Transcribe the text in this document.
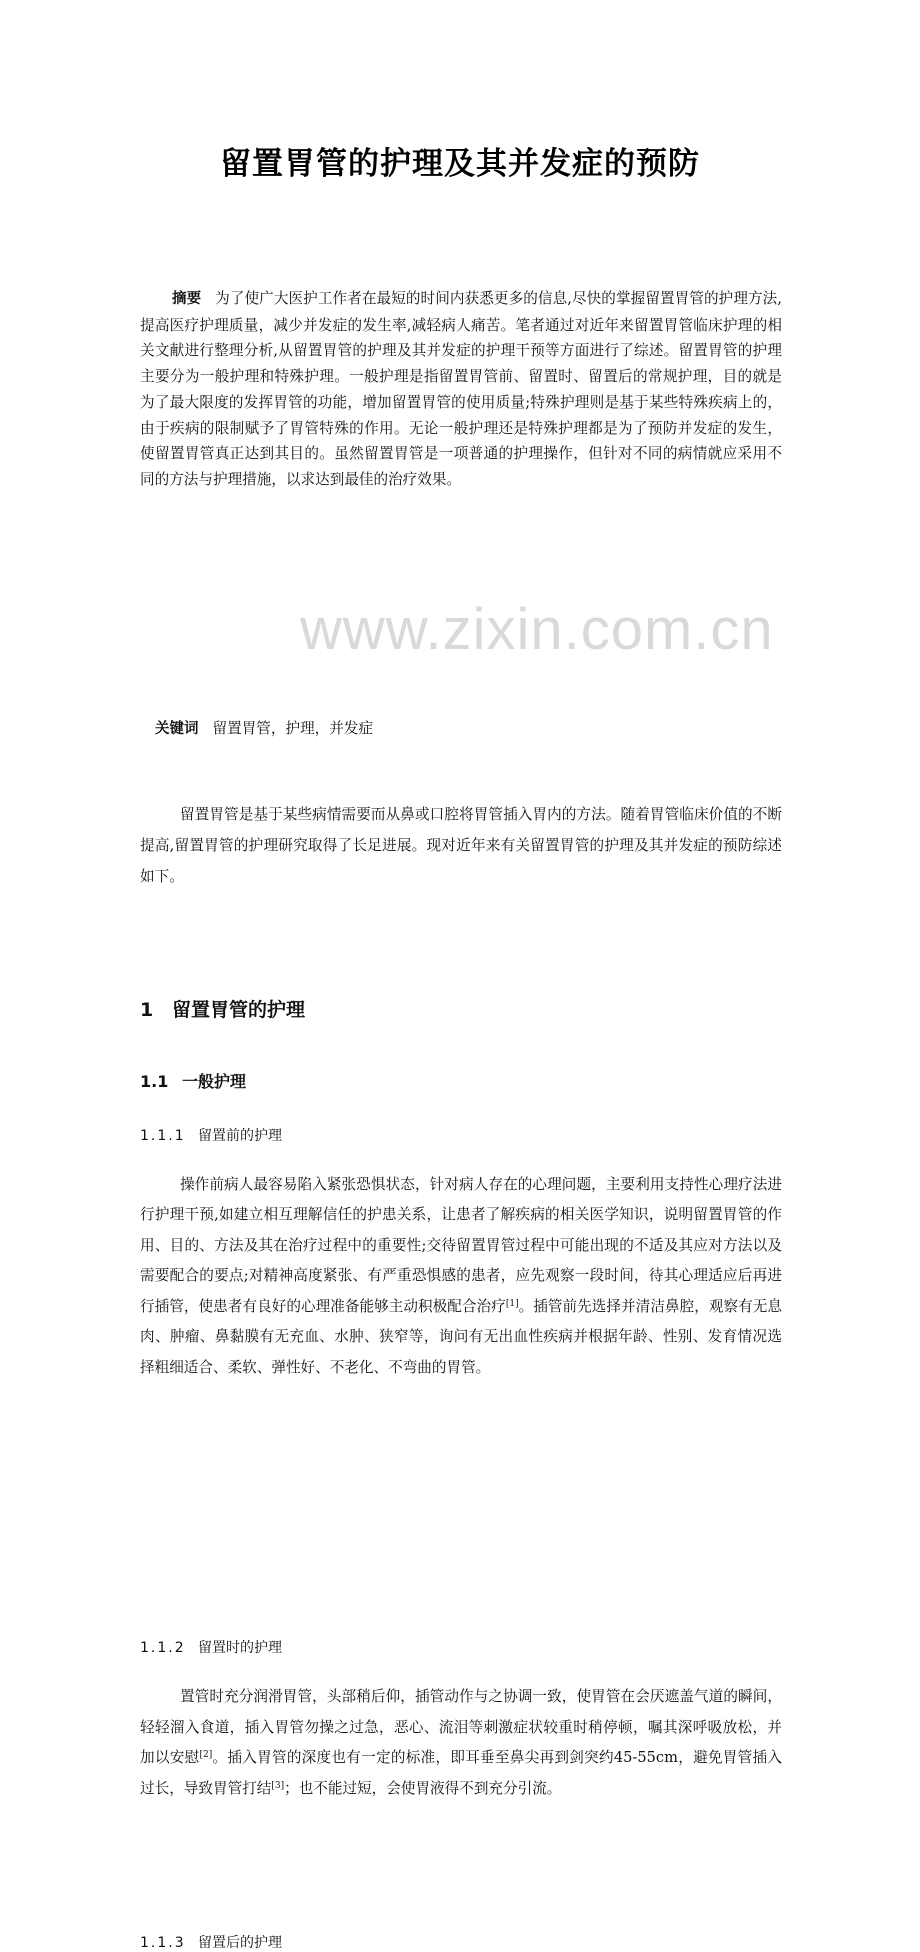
www.zixin.com.cn
留置胃管的护理及其并发症的预防

摘要 为了使广大医护工作者在最短的时间内获悉更多的信息,尽快的掌握留置胃管的护理方法,提高医疗护理质量，减少并发症的发生率,减轻病人痛苦。笔者通过对近年来留置胃管临床护理的相关文献进行整理分析,从留置胃管的护理及其并发症的护理干预等方面进行了综述。留置胃管的护理主要分为一般护理和特殊护理。一般护理是指留置胃管前、留置时、留置后的常规护理，目的就是为了最大限度的发挥胃管的功能，增加留置胃管的使用质量;特殊护理则是基于某些特殊疾病上的，由于疾病的限制赋予了胃管特殊的作用。无论一般护理还是特殊护理都是为了预防并发症的发生，使留置胃管真正达到其目的。虽然留置胃管是一项普通的护理操作，但针对不同的病情就应采用不同的方法与护理措施，以求达到最佳的治疗效果。

关键词 留置胃管，护理，并发症

留置胃管是基于某些病情需要而从鼻或口腔将胃管插入胃内的方法。随着胃管临床价值的不断提高,留置胃管的护理研究取得了长足进展。现对近年来有关留置胃管的护理及其并发症的预防综述如下。

1 留置胃管的护理
1.1 一般护理
1.1.1 留置前的护理

操作前病人最容易陷入紧张恐惧状态，针对病人存在的心理问题，主要利用支持性心理疗法进行护理干预,如建立相互理解信任的护患关系，让患者了解疾病的相关医学知识，说明留置胃管的作用、目的、方法及其在治疗过程中的重要性;交待留置胃管过程中可能出现的不适及其应对方法以及需要配合的要点;对精神高度紧张、有严重恐惧感的患者，应先观察一段时间，待其心理适应后再进行插管，使患者有良好的心理准备能够主动积极配合治疗[1]。插管前先选择并清洁鼻腔，观察有无息肉、肿瘤、鼻黏膜有无充血、水肿、狭窄等，询问有无出血性疾病并根据年龄、性别、发育情况选择粗细适合、柔软、弹性好、不老化、不弯曲的胃管。

1.1.2 留置时的护理

置管时充分润滑胃管，头部稍后仰，插管动作与之协调一致，使胃管在会厌遮盖气道的瞬间，轻轻溜入食道，插入胃管勿操之过急，恶心、流泪等刺激症状较重时稍停顿，嘱其深呼吸放松，并加以安慰[2]。插入胃管的深度也有一定的标准，即耳垂至鼻尖再到剑突约45-55cm，避免胃管插入过长，导致胃管打结[3]；也不能过短，会使胃液得不到充分引流。

1.1.3 留置后的护理
